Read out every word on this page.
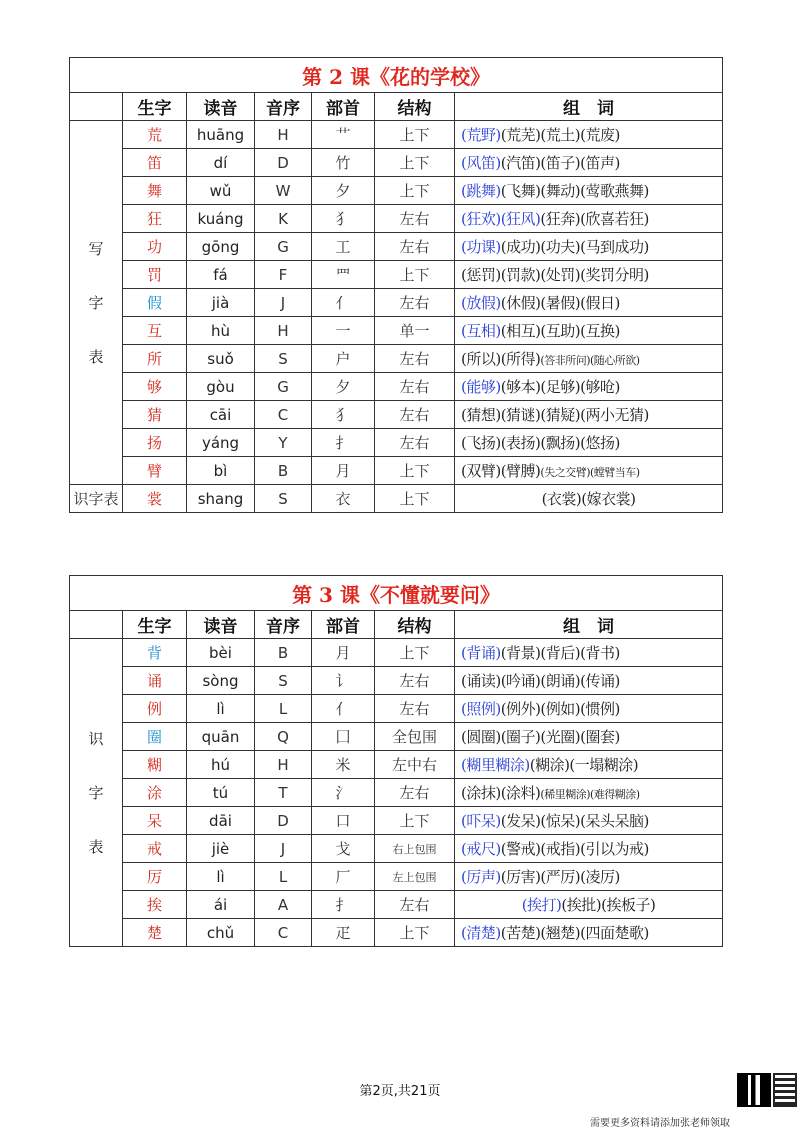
第 2 课《花的学校》						
	生字	读音	音序	部首	结构	组　词

写
字
表	荒	huāng	H	艹	上下	(荒野)(荒芜)(荒土)(荒废)
	笛	dí	D	竹	上下	(风笛)(汽笛)(笛子)(笛声)
	舞	wǔ	W	夕	上下	(跳舞)(飞舞)(舞动)(莺歌燕舞)
	狂	kuáng	K	犭	左右	(狂欢)(狂风)(狂奔)(欣喜若狂)
	功	gōng	G	工	左右	(功课)(成功)(功夫)(马到成功)
	罚	fá	F	罒	上下	(惩罚)(罚款)(处罚)(奖罚分明)
	假	jià	J	亻	左右	(放假)(休假)(暑假)(假日)
	互	hù	H	一	单一	(互相)(相互)(互助)(互换)
	所	suǒ	S	户	左右	(所以)(所得)(答非所问)(随心所欲)
	够	gòu	G	夕	左右	(能够)(够本)(足够)(够呛)
	猜	cāi	C	犭	左右	(猜想)(猜谜)(猜疑)(两小无猜)
	扬	yáng	Y	扌	左右	(飞扬)(表扬)(飘扬)(悠扬)
	臂	bì	B	月	上下	(双臂)(臂膊)(失之交臂)(螳臂当车)
识字表	裳	shang	S	衣	上下	(衣裳)(嫁衣裳)
第 3 课《不懂就要问》						
	生字	读音	音序	部首	结构	组　词

识
字
表	背	bèi	B	月	上下	(背诵)(背景)(背后)(背书)
	诵	sòng	S	讠	左右	(诵读)(吟诵)(朗诵)(传诵)
	例	lì	L	亻	左右	(照例)(例外)(例如)(惯例)
	圈	quān	Q	囗	全包围	(圆圈)(圈子)(光圈)(圈套)
	糊	hú	H	米	左中右	(糊里糊涂)(糊涂)(一塌糊涂)
	涂	tú	T	氵	左右	(涂抹)(涂料)(稀里糊涂)(难得糊涂)
	呆	dāi	D	口	上下	(吓呆)(发呆)(惊呆)(呆头呆脑)
	戒	jiè	J	戈	右上包围	(戒尺)(警戒)(戒指)(引以为戒)
	厉	lì	L	厂	左上包围	(厉声)(厉害)(严厉)(凌厉)
	挨	ái	A	扌	左右	(挨打)(挨批)(挨板子)
	楚	chǔ	C	疋	上下	(清楚)(苦楚)(翘楚)(四面楚歌)
第2页,共21页
需要更多资料请添加张老师领取
